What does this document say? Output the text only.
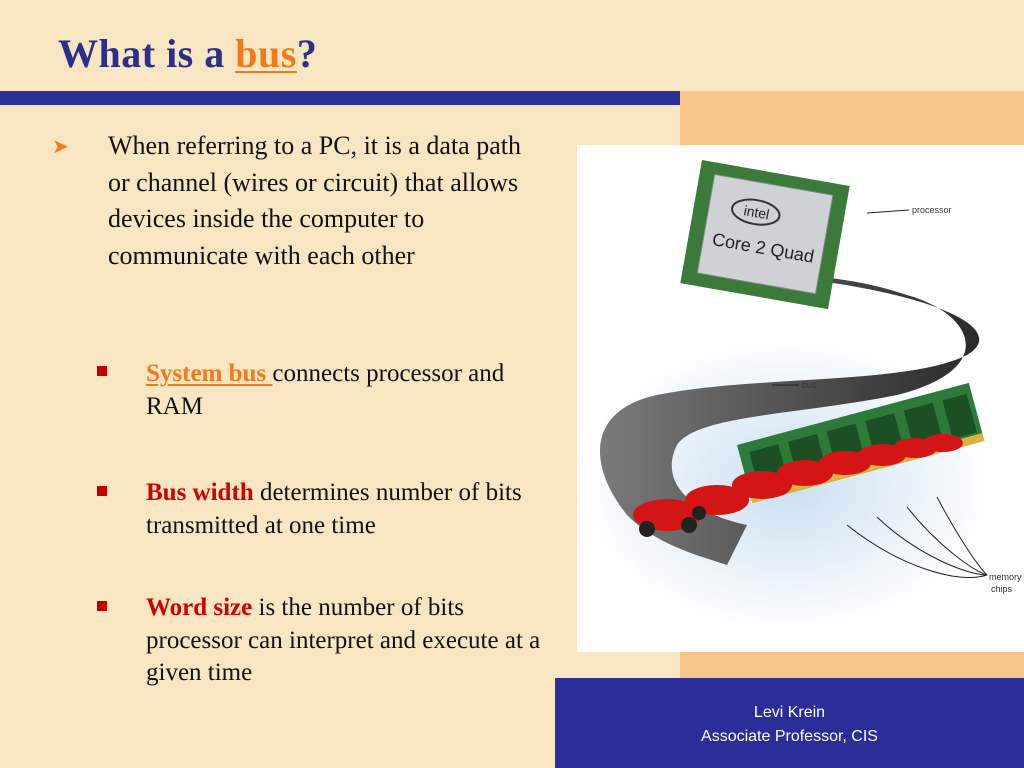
What is a bus?
➤ When referring to a PC, it is a data path or channel (wires or circuit) that allows devices inside the computer to communicate with each other
System bus connects processor and RAM
Bus width determines number of bits transmitted at one time
Word size is the number of bits processor can interpret and execute at a given time
intel
Core 2 Quad
processor
bus
memory
chips
Levi Krein
Associate Professor, CIS
